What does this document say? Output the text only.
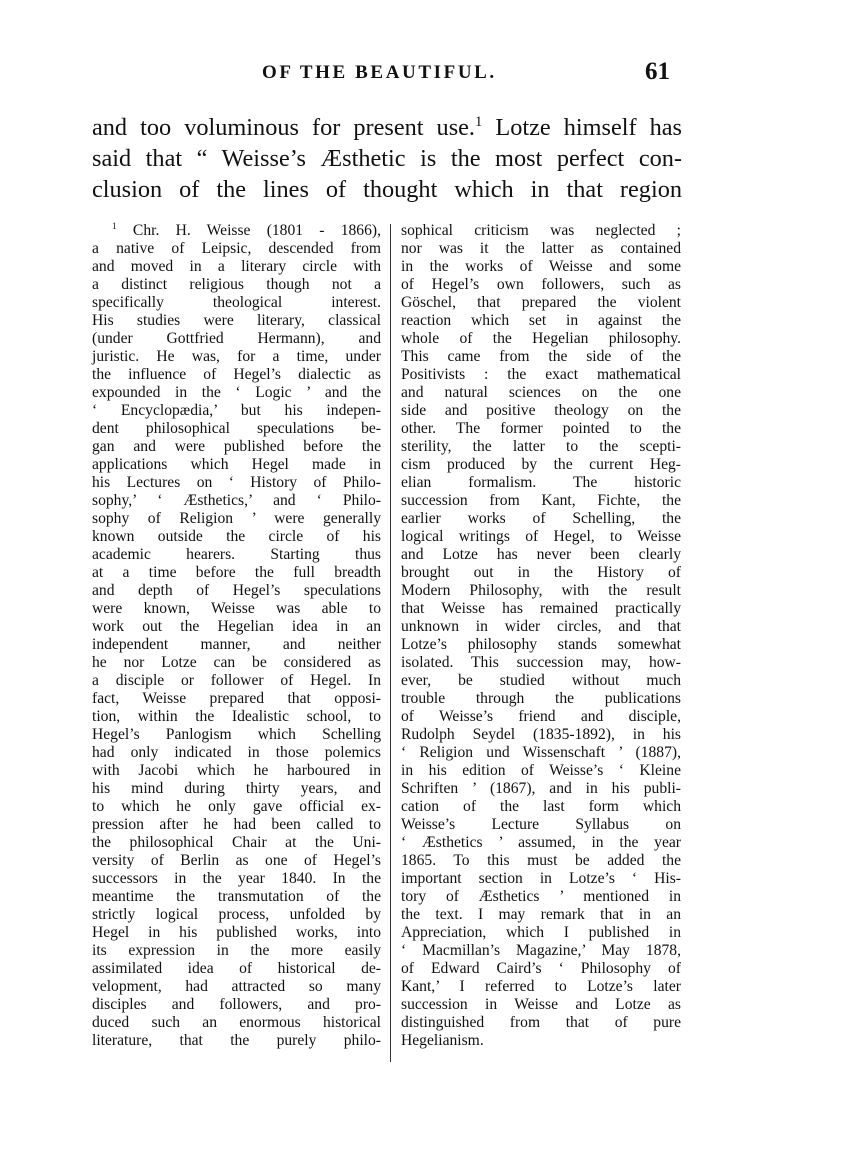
OF THE BEAUTIFUL.	61
and too voluminous for present use.$^1$ Lotze himself has
said that “ Weisse’s Æsthetic is the most perfect con-
clusion of the lines of thought which in that region
$^1$ Chr. H. Weisse (1801 - 1866),
a native of Leipsic, descended from
and moved in a literary circle with
a distinct religious though not a
specifically theological interest.
His studies were literary, classical
(under Gottfried Hermann), and
juristic. He was, for a time, under
the influence of Hegel’s dialectic as
expounded in the ‘ Logic ’ and the
‘ Encyclopædia,’ but his indepen-
dent philosophical speculations be-
gan and were published before the
applications which Hegel made in
his Lectures on ‘ History of Philo-
sophy,’ ‘ Æsthetics,’ and ‘ Philo-
sophy of Religion ’ were generally
known outside the circle of his
academic hearers. Starting thus
at a time before the full breadth
and depth of Hegel’s speculations
were known, Weisse was able to
work out the Hegelian idea in an
independent manner, and neither
he nor Lotze can be considered as
a disciple or follower of Hegel. In
fact, Weisse prepared that opposi-
tion, within the Idealistic school, to
Hegel’s Panlogism which Schelling
had only indicated in those polemics
with Jacobi which he harboured in
his mind during thirty years, and
to which he only gave official ex-
pression after he had been called to
the philosophical Chair at the Uni-
versity of Berlin as one of Hegel’s
successors in the year 1840. In the
meantime the transmutation of the
strictly logical process, unfolded by
Hegel in his published works, into
its expression in the more easily
assimilated idea of historical de-
velopment, had attracted so many
disciples and followers, and pro-
duced such an enormous historical
literature, that the purely philo-
sophical criticism was neglected ;
nor was it the latter as contained
in the works of Weisse and some
of Hegel’s own followers, such as
Göschel, that prepared the violent
reaction which set in against the
whole of the Hegelian philosophy.
This came from the side of the
Positivists : the exact mathematical
and natural sciences on the one
side and positive theology on the
other. The former pointed to the
sterility, the latter to the scepti-
cism produced by the current Heg-
elian formalism. The historic
succession from Kant, Fichte, the
earlier works of Schelling, the
logical writings of Hegel, to Weisse
and Lotze has never been clearly
brought out in the History of
Modern Philosophy, with the result
that Weisse has remained practically
unknown in wider circles, and that
Lotze’s philosophy stands somewhat
isolated. This succession may, how-
ever, be studied without much
trouble through the publications
of Weisse’s friend and disciple,
Rudolph Seydel (1835-1892), in his
‘ Religion und Wissenschaft ’ (1887),
in his edition of Weisse’s ‘ Kleine
Schriften ’ (1867), and in his publi-
cation of the last form which
Weisse’s Lecture Syllabus on
‘ Æsthetics ’ assumed, in the year
1865. To this must be added the
important section in Lotze’s ‘ His-
tory of Æsthetics ’ mentioned in
the text. I may remark that in an
Appreciation, which I published in
‘ Macmillan’s Magazine,’ May 1878,
of Edward Caird’s ‘ Philosophy of
Kant,’ I referred to Lotze’s later
succession in Weisse and Lotze as
distinguished from that of pure
Hegelianism.
